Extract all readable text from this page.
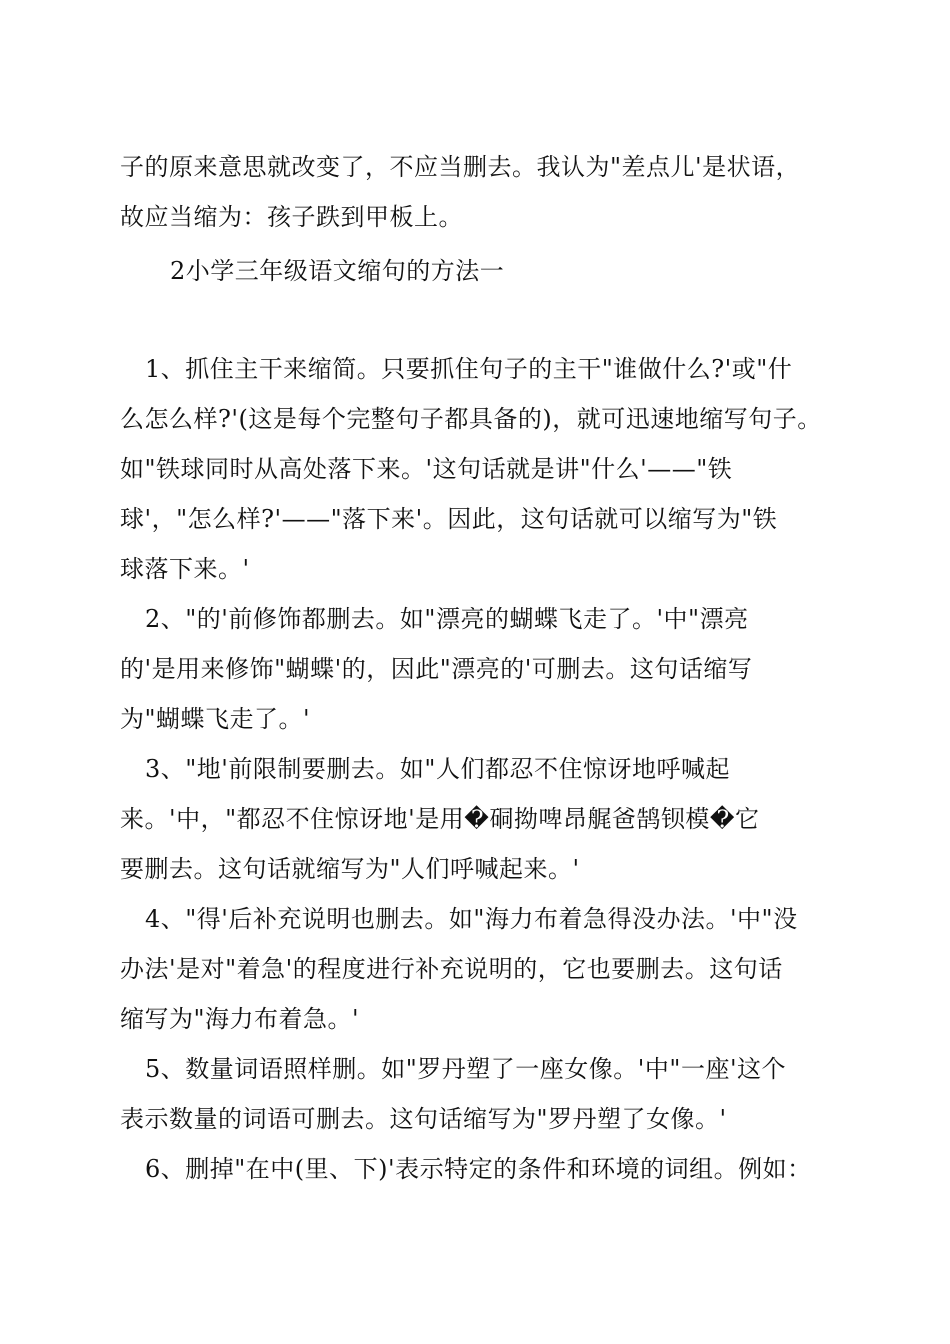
子的原来意思就改变了，不应当删去。我认为"差点儿'是状语，
故应当缩为：孩子跌到甲板上。
2小学三年级语文缩句的方法一
1、抓住主干来缩简。只要抓住句子的主干"谁做什么?'或"什
么怎么样?'(这是每个完整句子都具备的)，就可迅速地缩写句子。
如"铁球同时从高处落下来。'这句话就是讲"什么'——"铁
球'，"怎么样?'——"落下来'。因此，这句话就可以缩写为"铁
球落下来。'
2、"的'前修饰都删去。如"漂亮的蝴蝶飞走了。'中"漂亮
的'是用来修饰"蝴蝶'的，因此"漂亮的'可删去。这句话缩写
为"蝴蝶飞走了。'
3、"地'前限制要删去。如"人们都忍不住惊讶地呼喊起
来。'中，"都忍不住惊讶地'是用�硐拗啤昂艉爸鹄钡模�它
要删去。这句话就缩写为"人们呼喊起来。'
4、"得'后补充说明也删去。如"海力布着急得没办法。'中"没
办法'是对"着急'的程度进行补充说明的，它也要删去。这句话
缩写为"海力布着急。'
5、数量词语照样删。如"罗丹塑了一座女像。'中"一座'这个
表示数量的词语可删去。这句话缩写为"罗丹塑了女像。'
6、删掉"在中(里、下)'表示特定的条件和环境的词组。例如：
